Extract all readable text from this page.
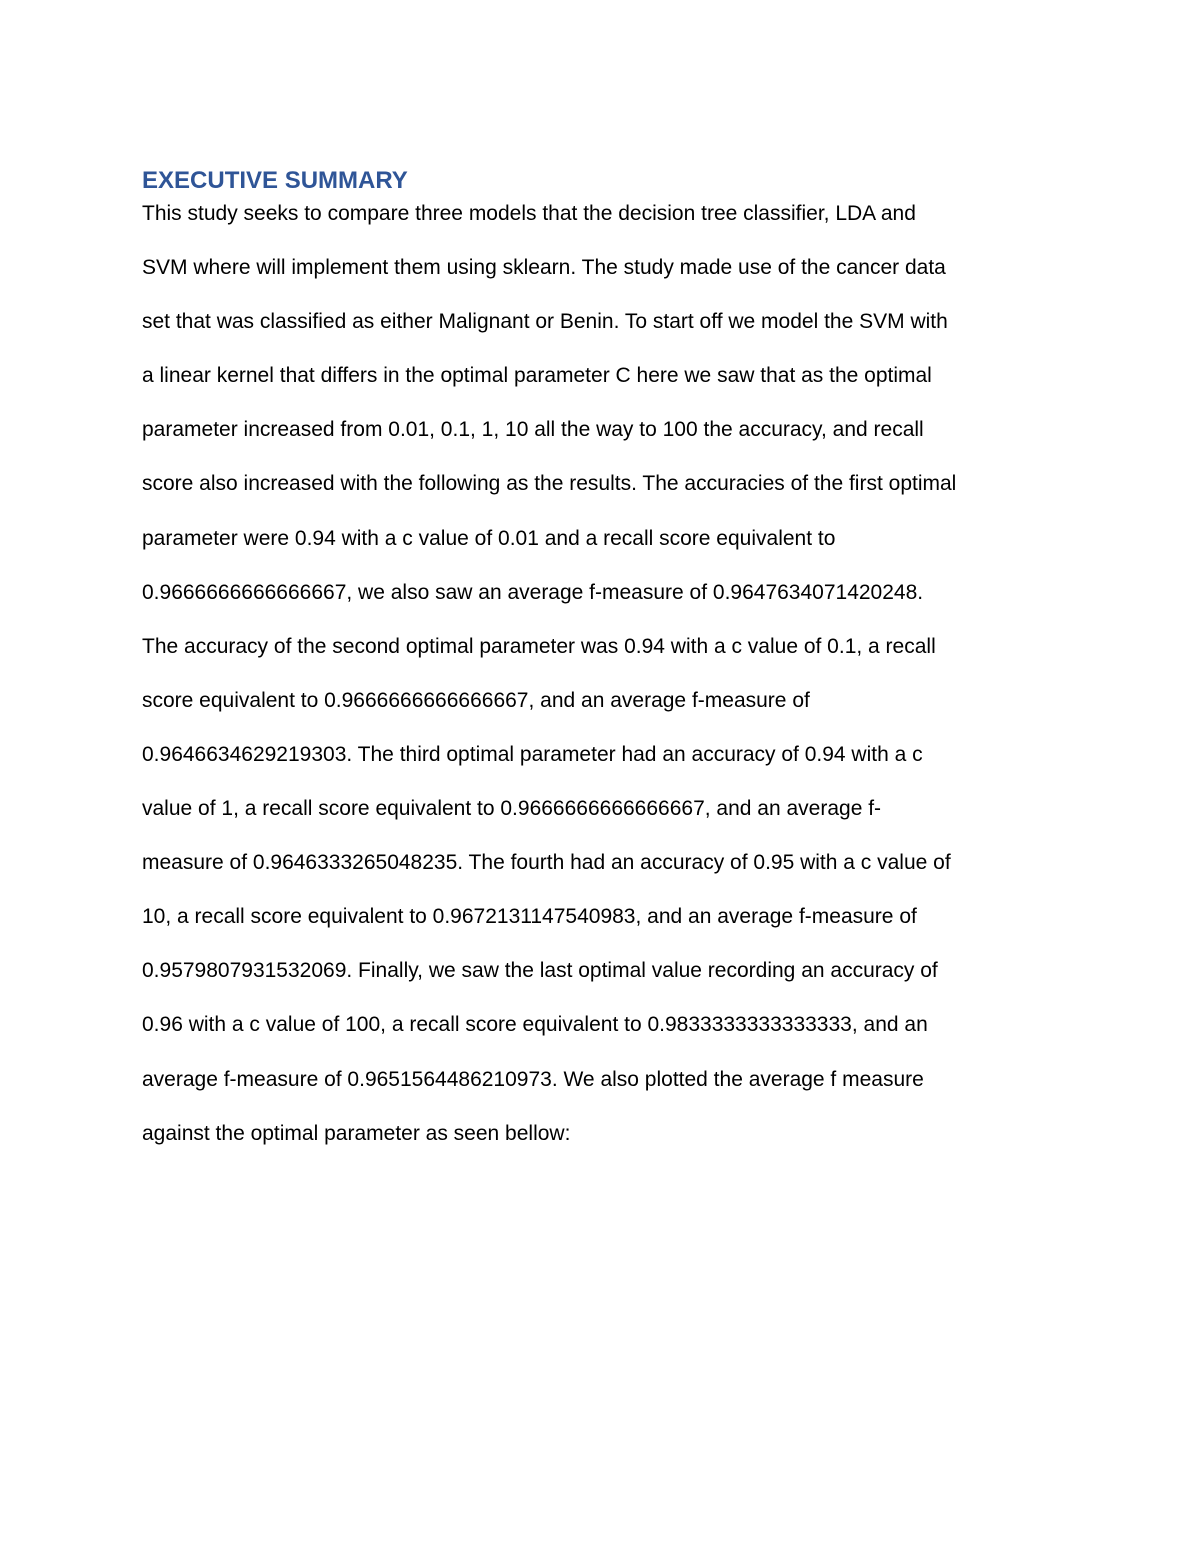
EXECUTIVE SUMMARY
This study seeks to compare three models that the decision tree classifier, LDA and
SVM where will implement them using sklearn. The study made use of the cancer data
set that was classified as either Malignant or Benin. To start off we model the SVM with
a linear kernel that differs in the optimal parameter C here we saw that as the optimal
parameter increased from 0.01, 0.1, 1, 10 all the way to 100 the accuracy, and recall
score also increased with the following as the results. The accuracies of the first optimal
parameter were 0.94 with a c value of 0.01 and a recall score equivalent to
0.9666666666666667, we also saw an average f-measure of 0.9647634071420248.
The accuracy of the second optimal parameter was 0.94 with a c value of 0.1, a recall
score equivalent to 0.9666666666666667, and an average f-measure of
0.9646634629219303. The third optimal parameter had an accuracy of 0.94 with a c
value of 1, a recall score equivalent to 0.9666666666666667, and an average f-
measure of 0.9646333265048235. The fourth had an accuracy of 0.95 with a c value of
10, a recall score equivalent to 0.9672131147540983, and an average f-measure of
0.9579807931532069. Finally, we saw the last optimal value recording an accuracy of
0.96 with a c value of 100, a recall score equivalent to 0.9833333333333333, and an
average f-measure of 0.9651564486210973. We also plotted the average f measure
against the optimal parameter as seen bellow:
